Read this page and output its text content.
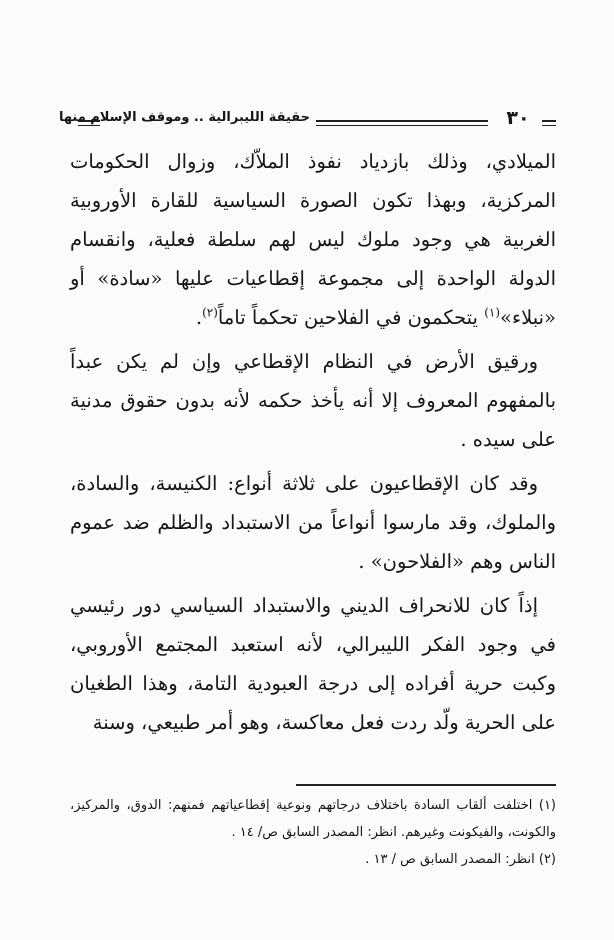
حقيقة الليبرالية .. وموقف الإسلام منها	٣٠

الميلادي، وذلك بازدياد نفوذ الملاّك، وزوال الحكومات المركزية، وبهذا تكون الصورة السياسية للقارة الأوروبية الغربية هي وجود ملوك ليس لهم سلطة فعلية، وانقسام الدولة الواحدة إلى مجموعة إقطاعيات عليها «سادة» أو «نبلاء»$^{(١)}$ يتحكمون في الفلاحين تحكماً تاماً$^{(٢)}$.

ورقيق الأرض في النظام الإقطاعي وإن لم يكن عبداً بالمفهوم المعروف إلا أنه يأخذ حكمه لأنه بدون حقوق مدنية على سيده .

وقد كان الإقطاعيون على ثلاثة أنواع: الكنيسة، والسادة، والملوك، وقد مارسوا أنواعاً من الاستبداد والظلم ضد عموم الناس وهم «الفلاحون» .

إذاً كان للانحراف الديني والاستبداد السياسي دور رئيسي في وجود الفكر الليبرالي، لأنه استعبد المجتمع الأوروبي، وكبت حرية أفراده إلى درجة العبودية التامة، وهذا الطغيان على الحرية ولّد ردت فعل معاكسة، وهو أمر طبيعي، وسنة

(١) اختلفت ألقاب السادة باختلاف درجاتهم ونوعية إقطاعياتهم فمنهم: الدوق، والمركيز، والكونت، والفيكونت وغيرهم. انظر: المصدر السابق ص/ ١٤ .

(٢) انظر: المصدر السابق ص / ١٣ .
